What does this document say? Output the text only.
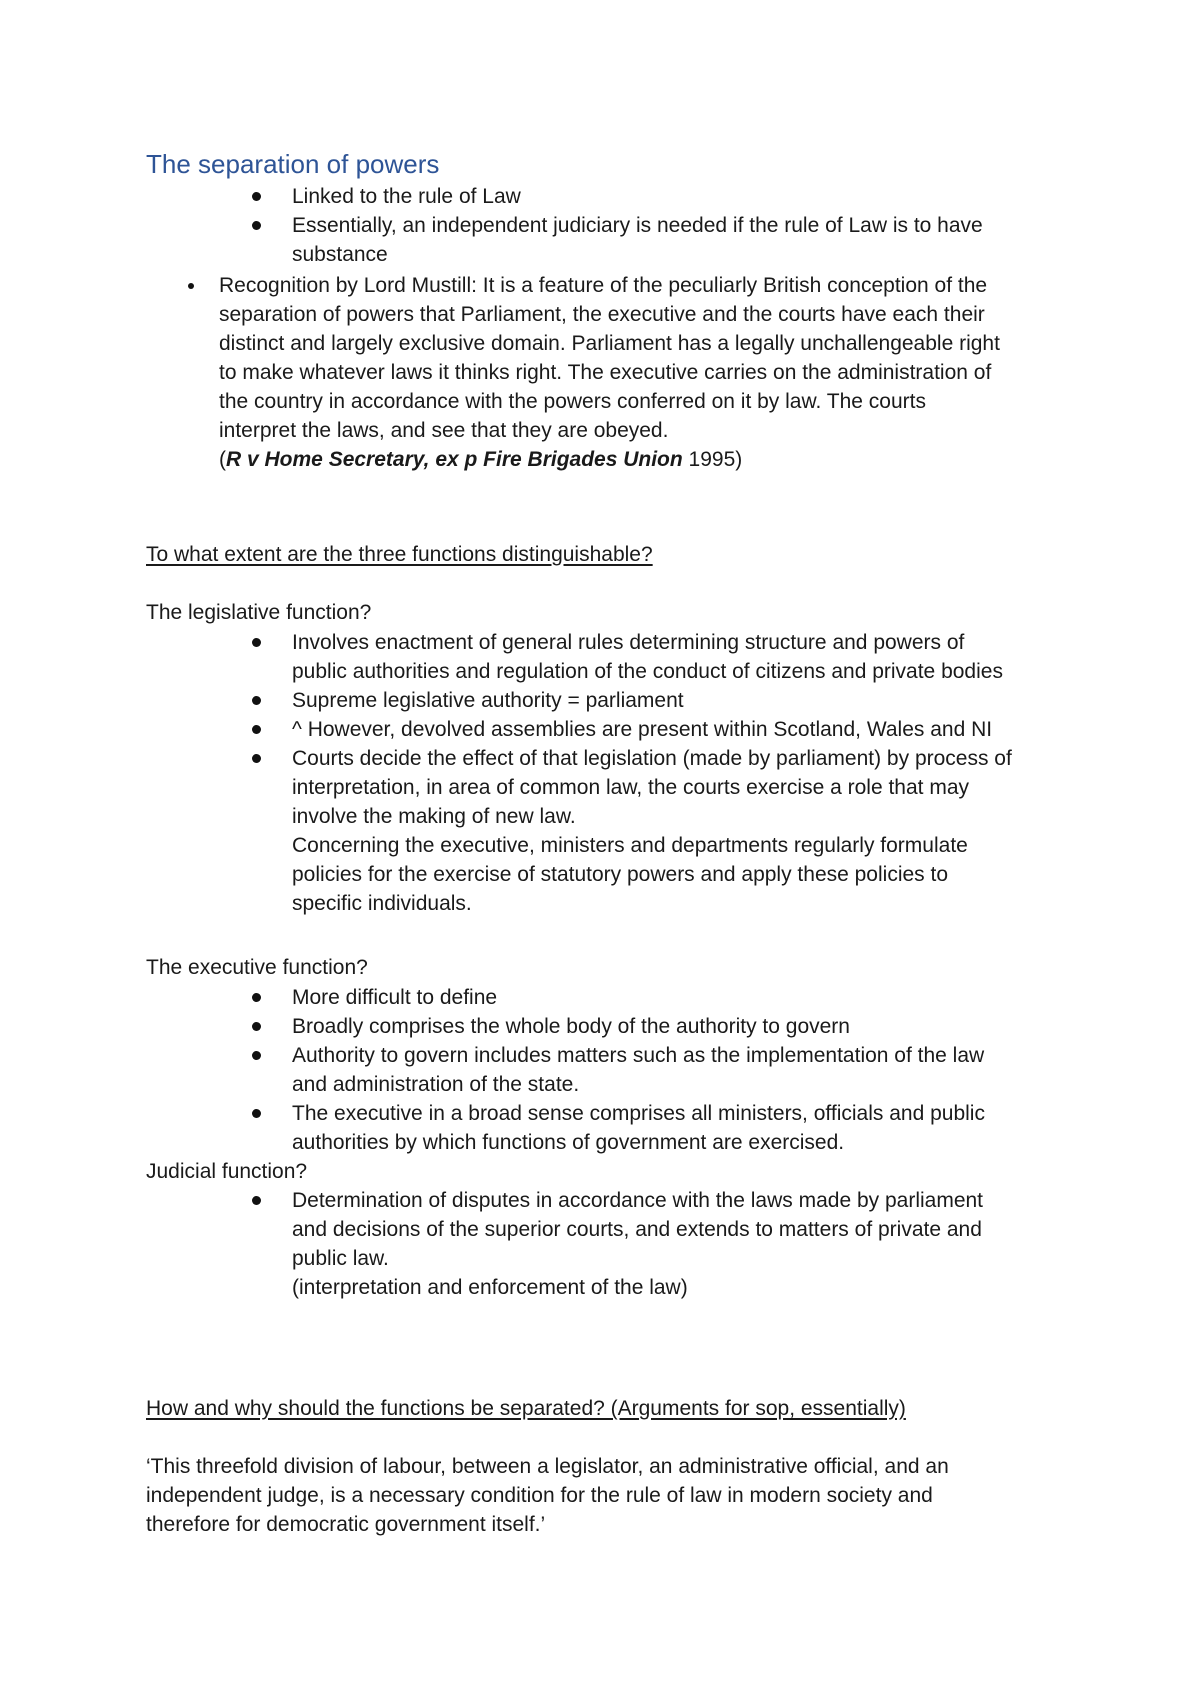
The separation of powers
Linked to the rule of Law
Essentially, an independent judiciary is needed if the rule of Law is to have
substance
Recognition by Lord Mustill: It is a feature of the peculiarly British conception of the
separation of powers that Parliament, the executive and the courts have each their
distinct and largely exclusive domain. Parliament has a legally unchallengeable right
to make whatever laws it thinks right. The executive carries on the administration of
the country in accordance with the powers conferred on it by law. The courts
interpret the laws, and see that they are obeyed.
(R v Home Secretary, ex p Fire Brigades Union 1995)
To what extent are the three functions distinguishable?
The legislative function?
Involves enactment of general rules determining structure and powers of
public authorities and regulation of the conduct of citizens and private bodies
Supreme legislative authority = parliament
^ However, devolved assemblies are present within Scotland, Wales and NI
Courts decide the effect of that legislation (made by parliament) by process of
interpretation, in area of common law, the courts exercise a role that may
involve the making of new law.
Concerning the executive, ministers and departments regularly formulate
policies for the exercise of statutory powers and apply these policies to
specific individuals.
The executive function?
More difficult to define
Broadly comprises the whole body of the authority to govern
Authority to govern includes matters such as the implementation of the law
and administration of the state.
The executive in a broad sense comprises all ministers, officials and public
authorities by which functions of government are exercised.
Judicial function?
Determination of disputes in accordance with the laws made by parliament
and decisions of the superior courts, and extends to matters of private and
public law.
(interpretation and enforcement of the law)
How and why should the functions be separated? (Arguments for sop, essentially)
‘This threefold division of labour, between a legislator, an administrative official, and an
independent judge, is a necessary condition for the rule of law in modern society and
therefore for democratic government itself.’
